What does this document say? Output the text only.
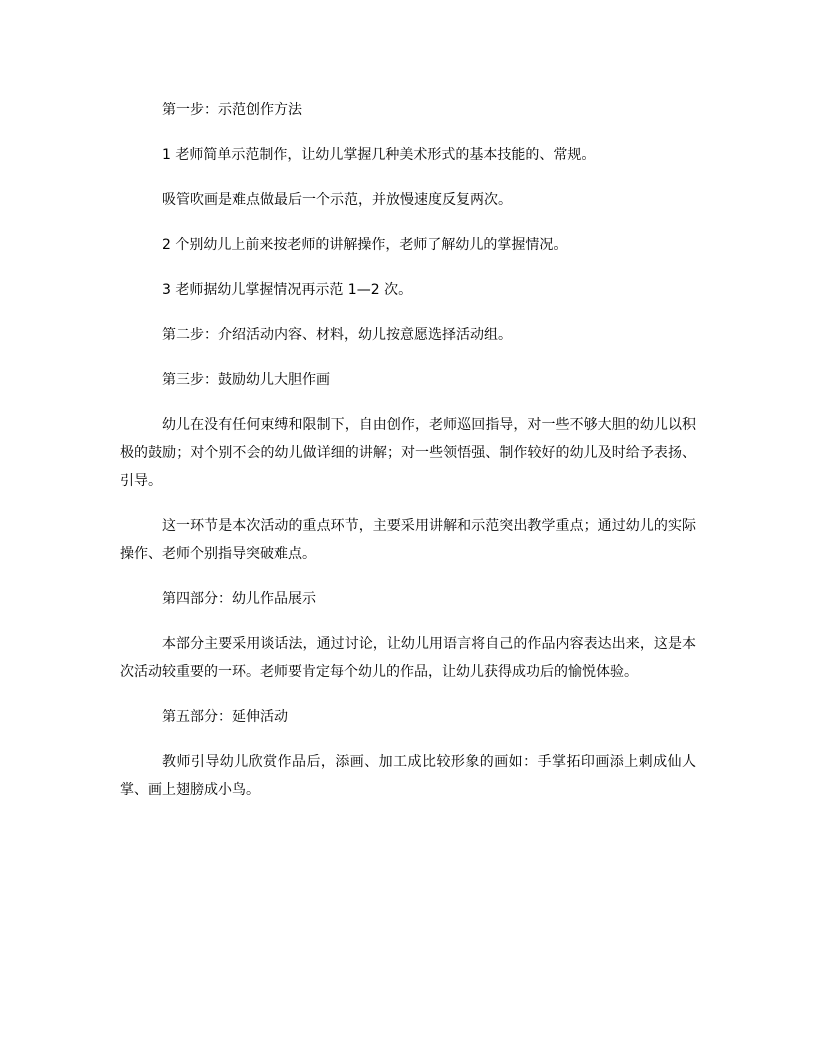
第一步：示范创作方法

1 老师简单示范制作，让幼儿掌握几种美术形式的基本技能的、常规。

吸管吹画是难点做最后一个示范，并放慢速度反复两次。

2 个别幼儿上前来按老师的讲解操作，老师了解幼儿的掌握情况。

3 老师据幼儿掌握情况再示范 1—2 次。

第二步：介绍活动内容、材料，幼儿按意愿选择活动组。

第三步：鼓励幼儿大胆作画

幼儿在没有任何束缚和限制下，自由创作，老师巡回指导，对一些不够大胆的幼儿以积极的鼓励；对个别不会的幼儿做详细的讲解；对一些领悟强、制作较好的幼儿及时给予表扬、引导。

这一环节是本次活动的重点环节，主要采用讲解和示范突出教学重点；通过幼儿的实际操作、老师个别指导突破难点。

第四部分：幼儿作品展示

本部分主要采用谈话法，通过讨论，让幼儿用语言将自己的作品内容表达出来，这是本次活动较重要的一环。老师要肯定每个幼儿的作品，让幼儿获得成功后的愉悦体验。

第五部分：延伸活动

教师引导幼儿欣赏作品后，添画、加工成比较形象的画如：手掌拓印画添上刺成仙人掌、画上翅膀成小鸟。
